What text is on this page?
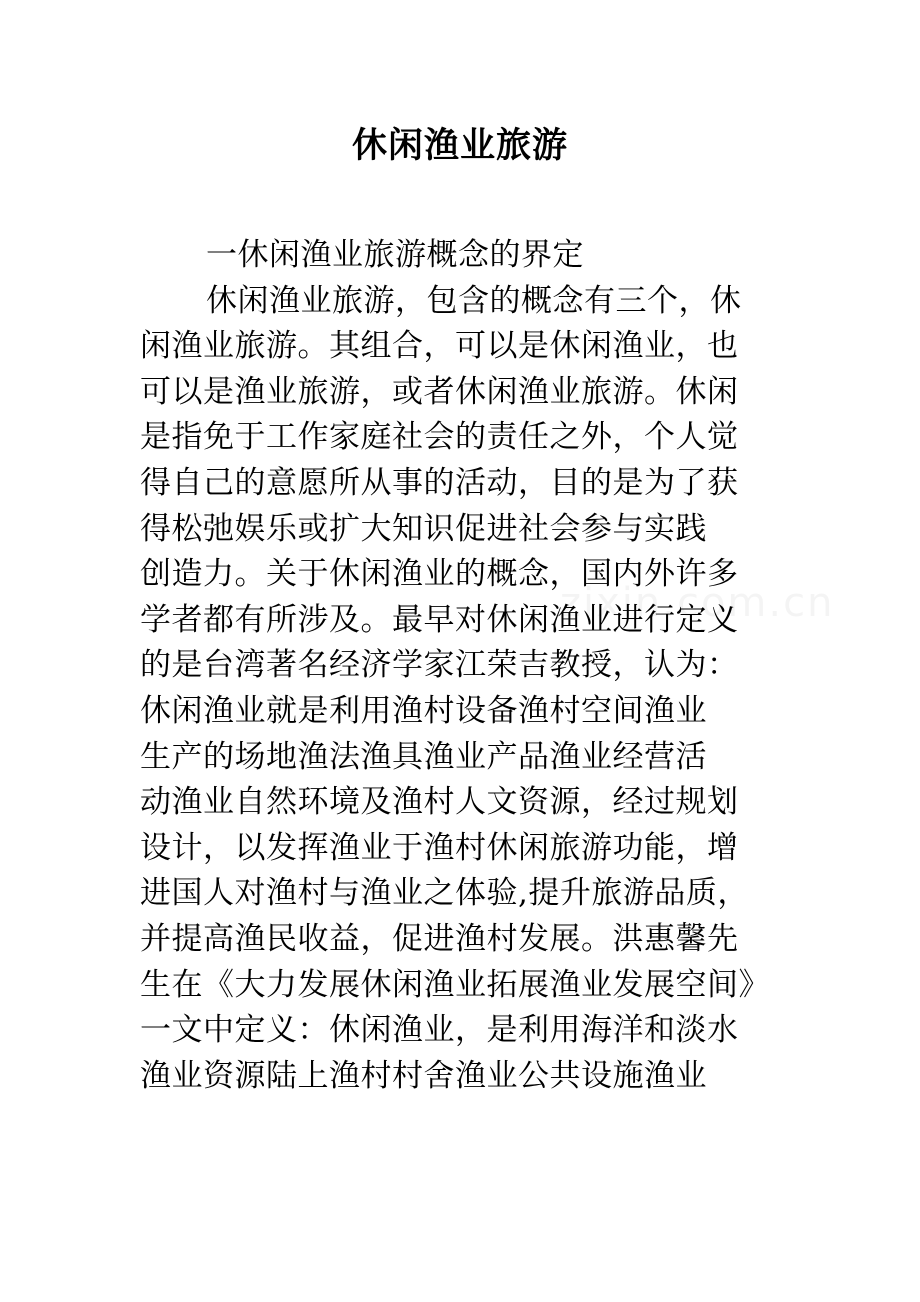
休闲渔业旅游
一休闲渔业旅游概念的界定
休闲渔业旅游，包含的概念有三个，休
闲渔业旅游。其组合，可以是休闲渔业，也
可以是渔业旅游，或者休闲渔业旅游。休闲
是指免于工作家庭社会的责任之外，个人觉
得自己的意愿所从事的活动，目的是为了获
得松弛娱乐或扩大知识促进社会参与实践
创造力。关于休闲渔业的概念，国内外许多
学者都有所涉及。最早对休闲渔业进行定义
的是台湾著名经济学家江荣吉教授，认为：
休闲渔业就是利用渔村设备渔村空间渔业
生产的场地渔法渔具渔业产品渔业经营活
动渔业自然环境及渔村人文资源，经过规划
设计，以发挥渔业于渔村休闲旅游功能，增
进国人对渔村与渔业之体验,提升旅游品质，
并提高渔民收益，促进渔村发展。洪惠馨先
生在《大力发展休闲渔业拓展渔业发展空间》
一文中定义：休闲渔业，是利用海洋和淡水
渔业资源陆上渔村村舍渔业公共设施渔业
